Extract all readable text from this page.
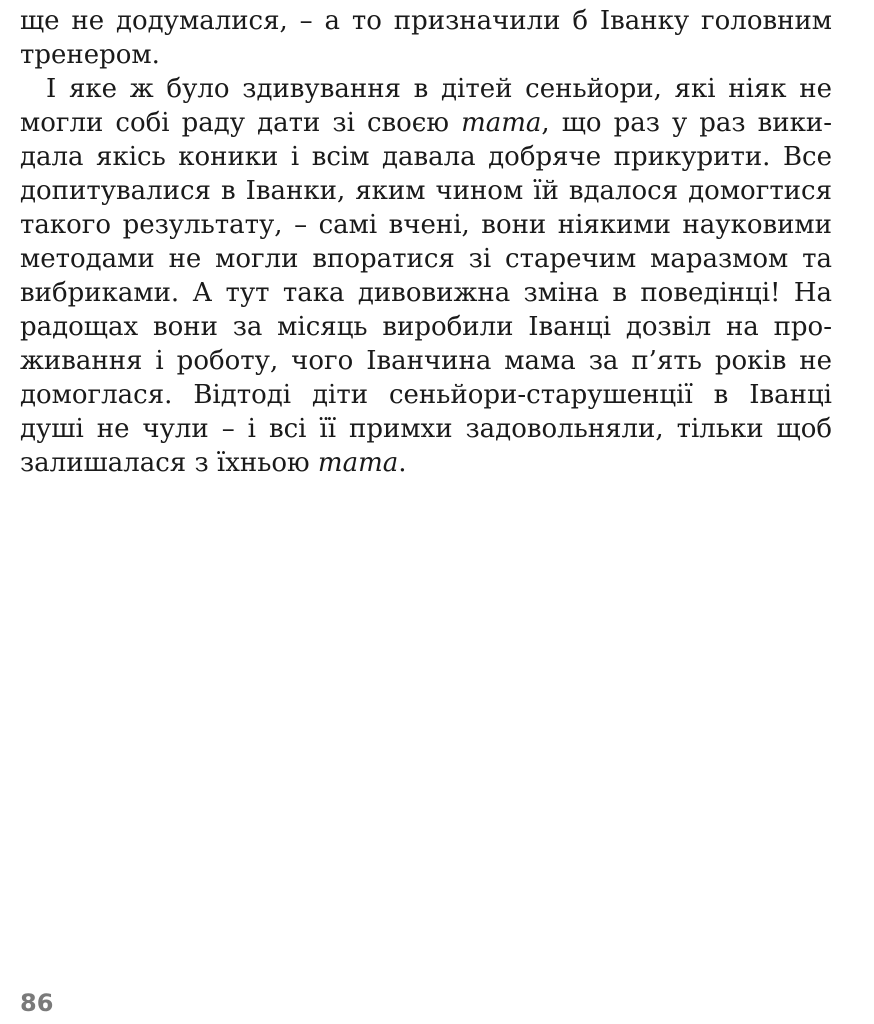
ще не додумалися, – а то призначили б Іванку головним
тренером.
І яке ж було здивування в дітей сеньйори, які ніяк не
могли собі раду дати зі своєю mama, що раз у раз вики-
дала якісь коники і всім давала добряче прикурити. Все
допитувалися в Іванки, яким чином їй вдалося домогтися
такого результату, – самі вчені, вони ніякими науковими
методами не могли впоратися зі старечим маразмом та
вибриками. А тут така дивовижна зміна в поведінці! На
радощах вони за місяць виробили Іванці дозвіл на про-
живання і роботу, чого Іванчина мама за п’ять років не
домоглася. Відтоді діти сеньйори-старушенції в Іванці
душі не чули – і всі її примхи задовольняли, тільки щоб
залишалася з їхньою mama.
86
